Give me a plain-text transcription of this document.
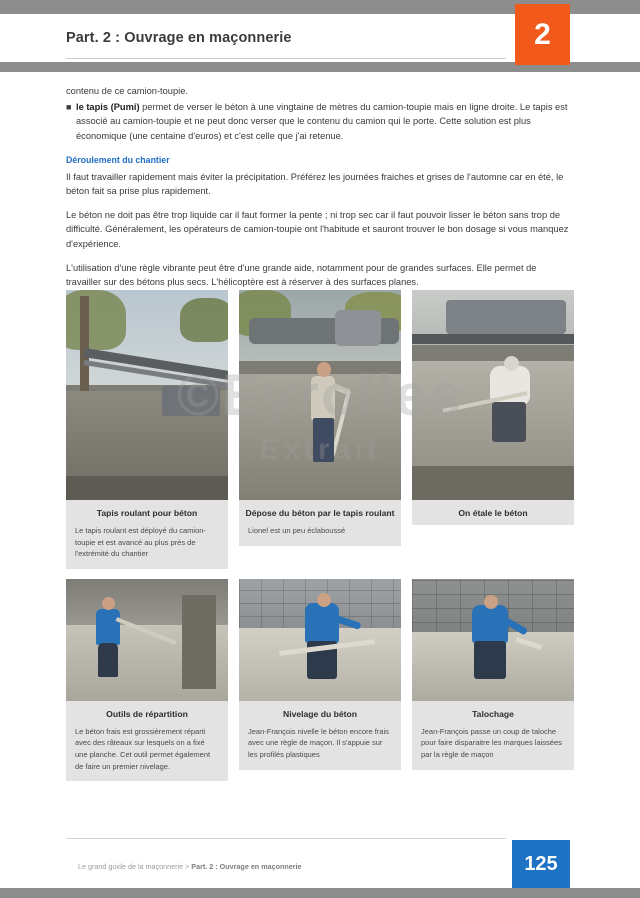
Part. 2 : Ouvrage en maçonnerie	2

contenu de ce camion-toupie.

■ le tapis (Pumi) permet de verser le béton à une vingtaine de mètres du camion-toupie mais en ligne droite. Le tapis est associé au camion-toupie et ne peut donc verser que le contenu du camion qui le porte. Cette solution est plus économique (une centaine d'euros) et c'est celle que j'ai retenue.
Déroulement du chantier

Il faut travailler rapidement mais éviter la précipitation. Préférez les journées fraiches et grises de l'automne car en été, le béton fait sa prise plus rapidement.

Le béton ne doit pas être trop liquide car il faut former la pente ; ni trop sec car il faut pouvoir lisser le béton sans trop de difficulté. Généralement, les opérateurs de camion-toupie ont l'habitude et sauront trouver le bon dosage si vous manquez d'expérience.

L'utilisation d'une règle vibrante peut être d'une grande aide, notamment pour de grandes surfaces. Elle permet de travailler sur des bétons plus secs. L'hélicoptère est à réserver à des surfaces planes.

Tapis roulant pour béton
Le tapis roulant est déployé du camion-toupie et est avancé au plus près de l'extrémité du chantier
Dépose du béton par le tapis roulant
Lionel est un peu éclaboussé
On étale le béton
Outils de répartition
Le béton frais est grossièrement réparti avec des râteaux sur lesquels on a fixé une planche. Cet outil permet également de faire un premier nivelage.
Nivelage du béton
Jean-François nivelle le béton encore frais avec une règle de maçon. Il s'appuie sur les profilés plastiques
Talochage
Jean-François passe un coup de taloche pour faire disparaitre les marques laissées par la règle de maçon
©Eyrolles
Extrait
Le grand guide de la maçonnerie > Part. 2 : Ouvrage en maçonnerie	125
